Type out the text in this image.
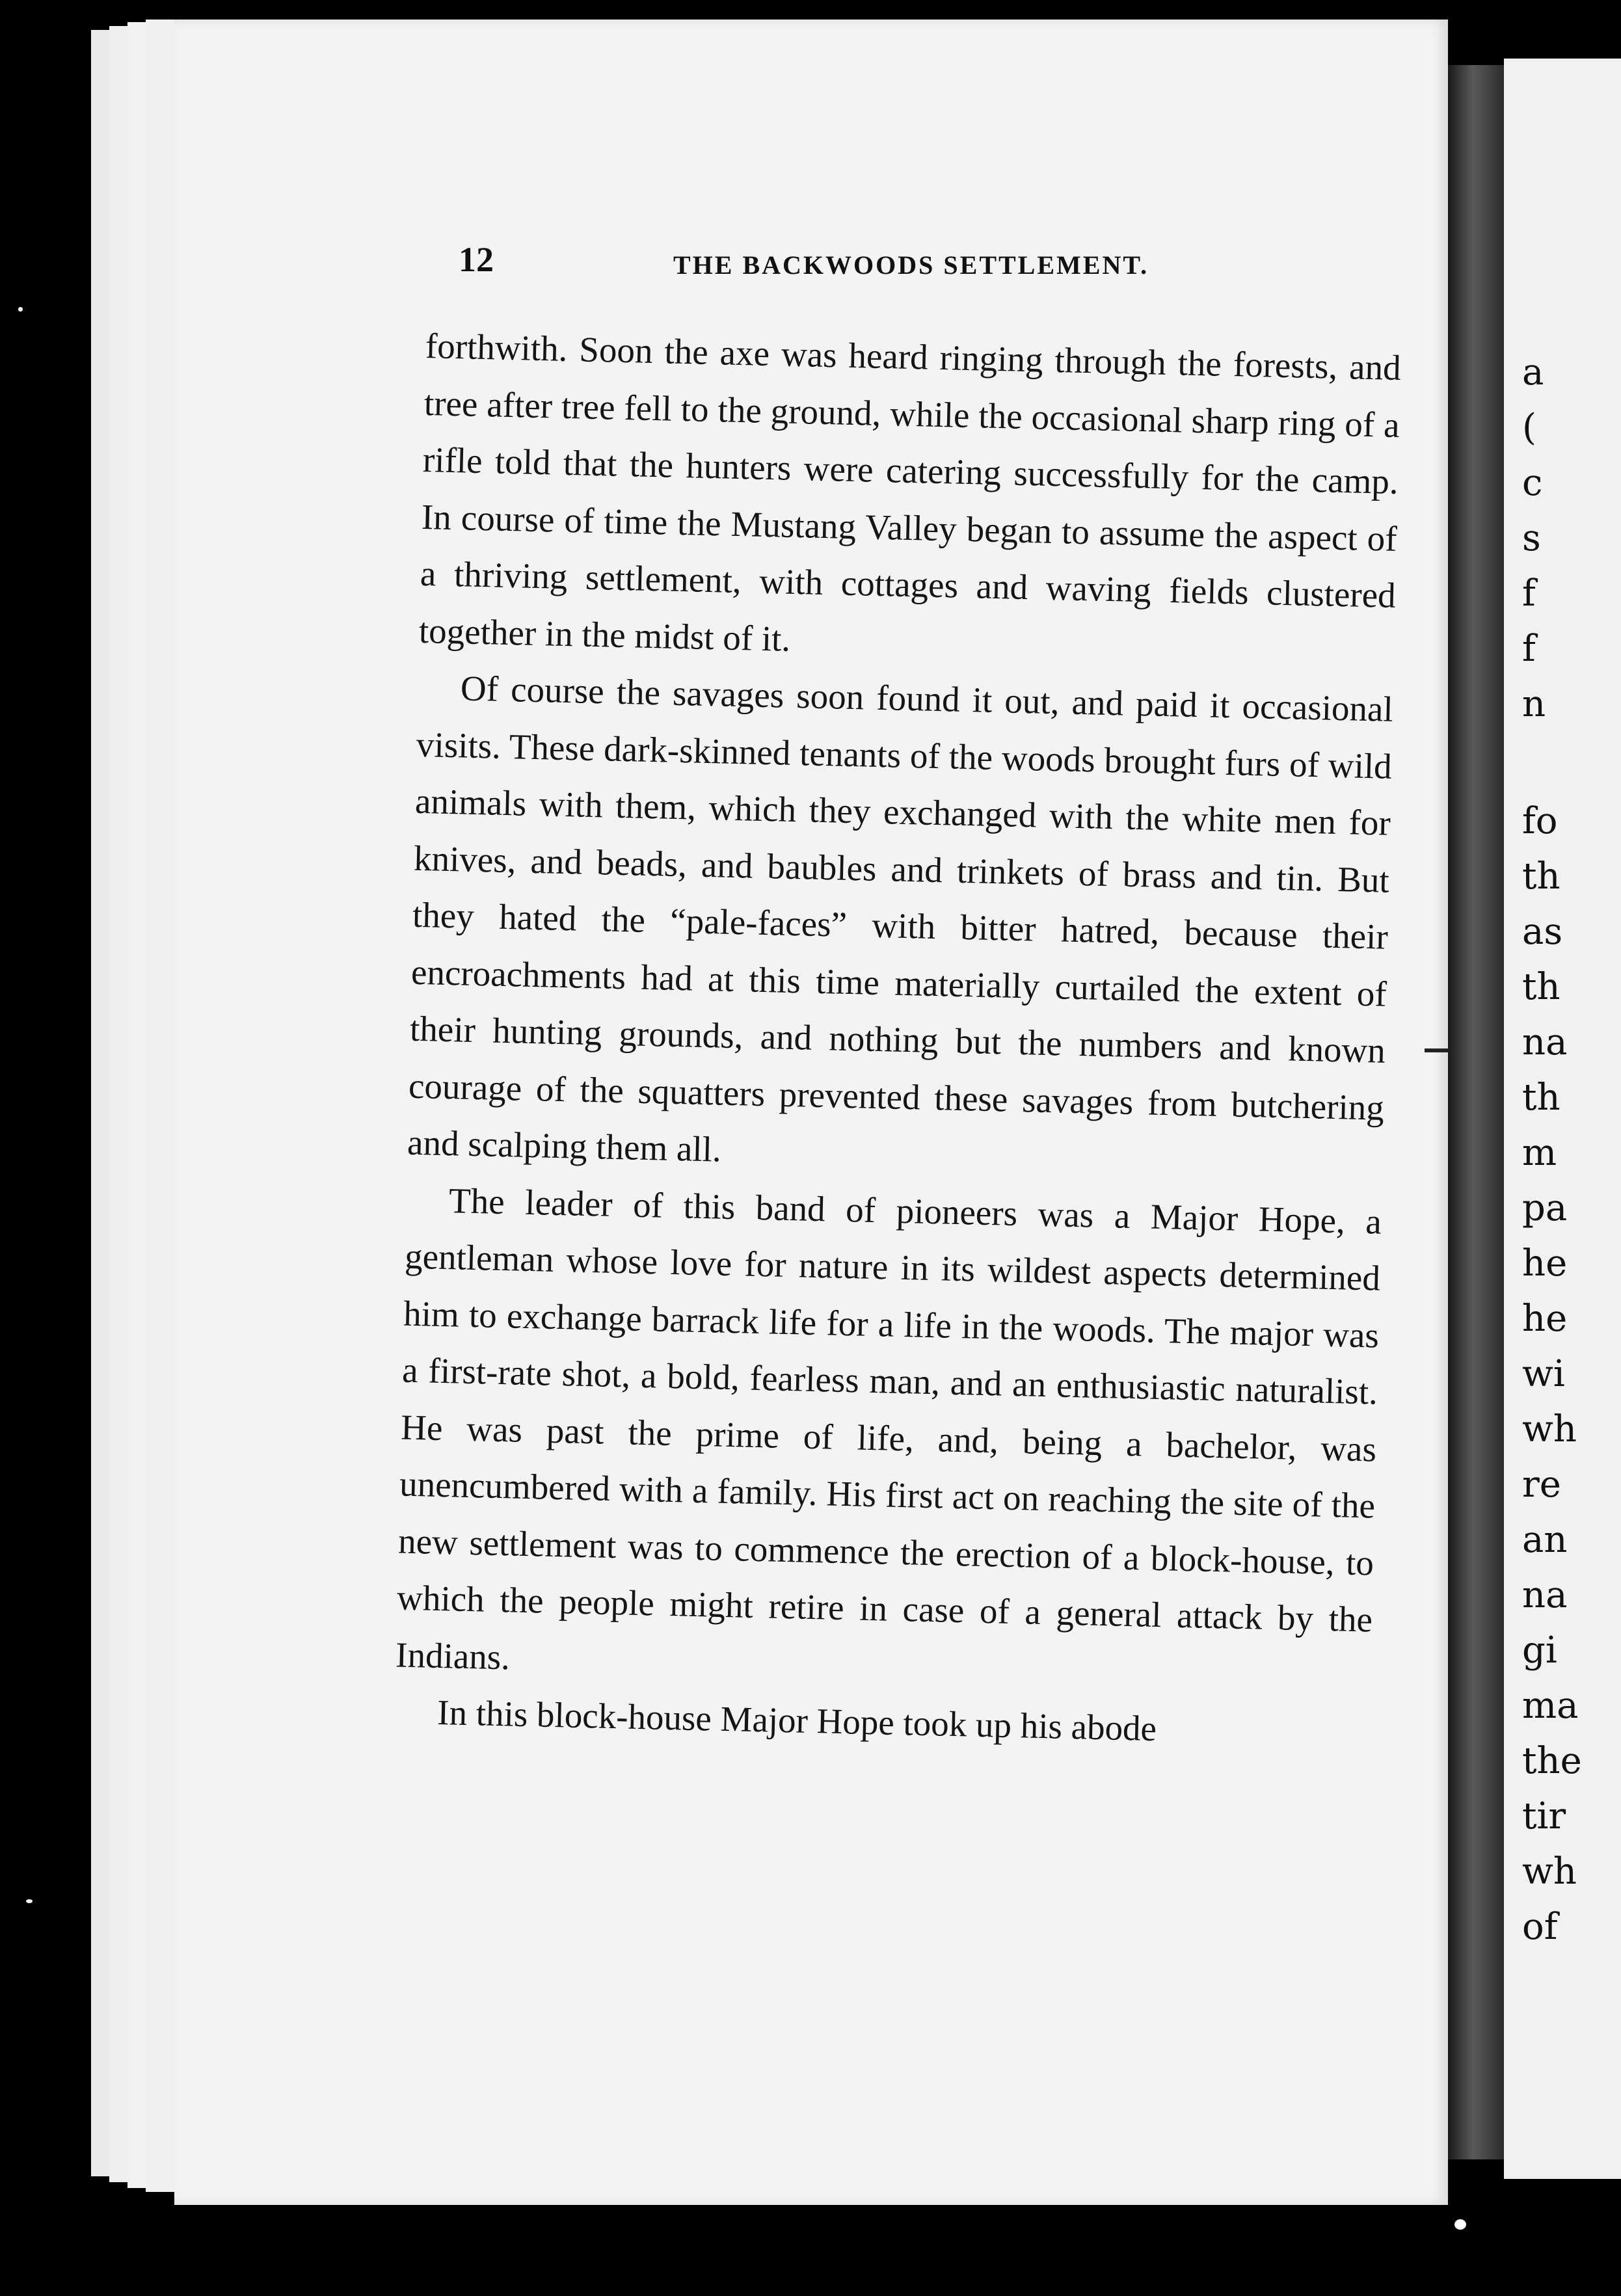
12	THE BACKWOODS SETTLEMENT.

forthwith. Soon the axe was heard ringing through the forests, and tree after tree fell to the ground, while the occasional sharp ring of a rifle told that the hunters were catering successfully for the camp. In course of time the Mustang Valley began to assume the aspect of a thriving settlement, with cottages and waving fields clustered together in the midst of it.

Of course the savages soon found it out, and paid it occasional visits. These dark-skinned tenants of the woods brought furs of wild animals with them, which they exchanged with the white men for knives, and beads, and baubles and trinkets of brass and tin. But they hated the “pale-faces” with bitter hatred, because their encroachments had at this time materially curtailed the extent of their hunting grounds, and nothing but the numbers and known courage of the squatters prevented these savages from butchering and scalping them all.

The leader of this band of pioneers was a Major Hope, a gentleman whose love for nature in its wildest aspects determined him to exchange barrack life for a life in the woods. The major was a first-rate shot, a bold, fearless man, and an enthusiastic naturalist. He was past the prime of life, and, being a bachelor, was unencumbered with a family. His first act on reaching the site of the new settlement was to commence the erection of a block-house, to which the people might retire in case of a general attack by the Indians.

In this block-house Major Hope took up his abode

a
(
c
s
f
f
n
fo
th
as
th
na
th
m
pa
he
he
wi
wh
re
an
na
gi
ma
the
tir
wh
of
